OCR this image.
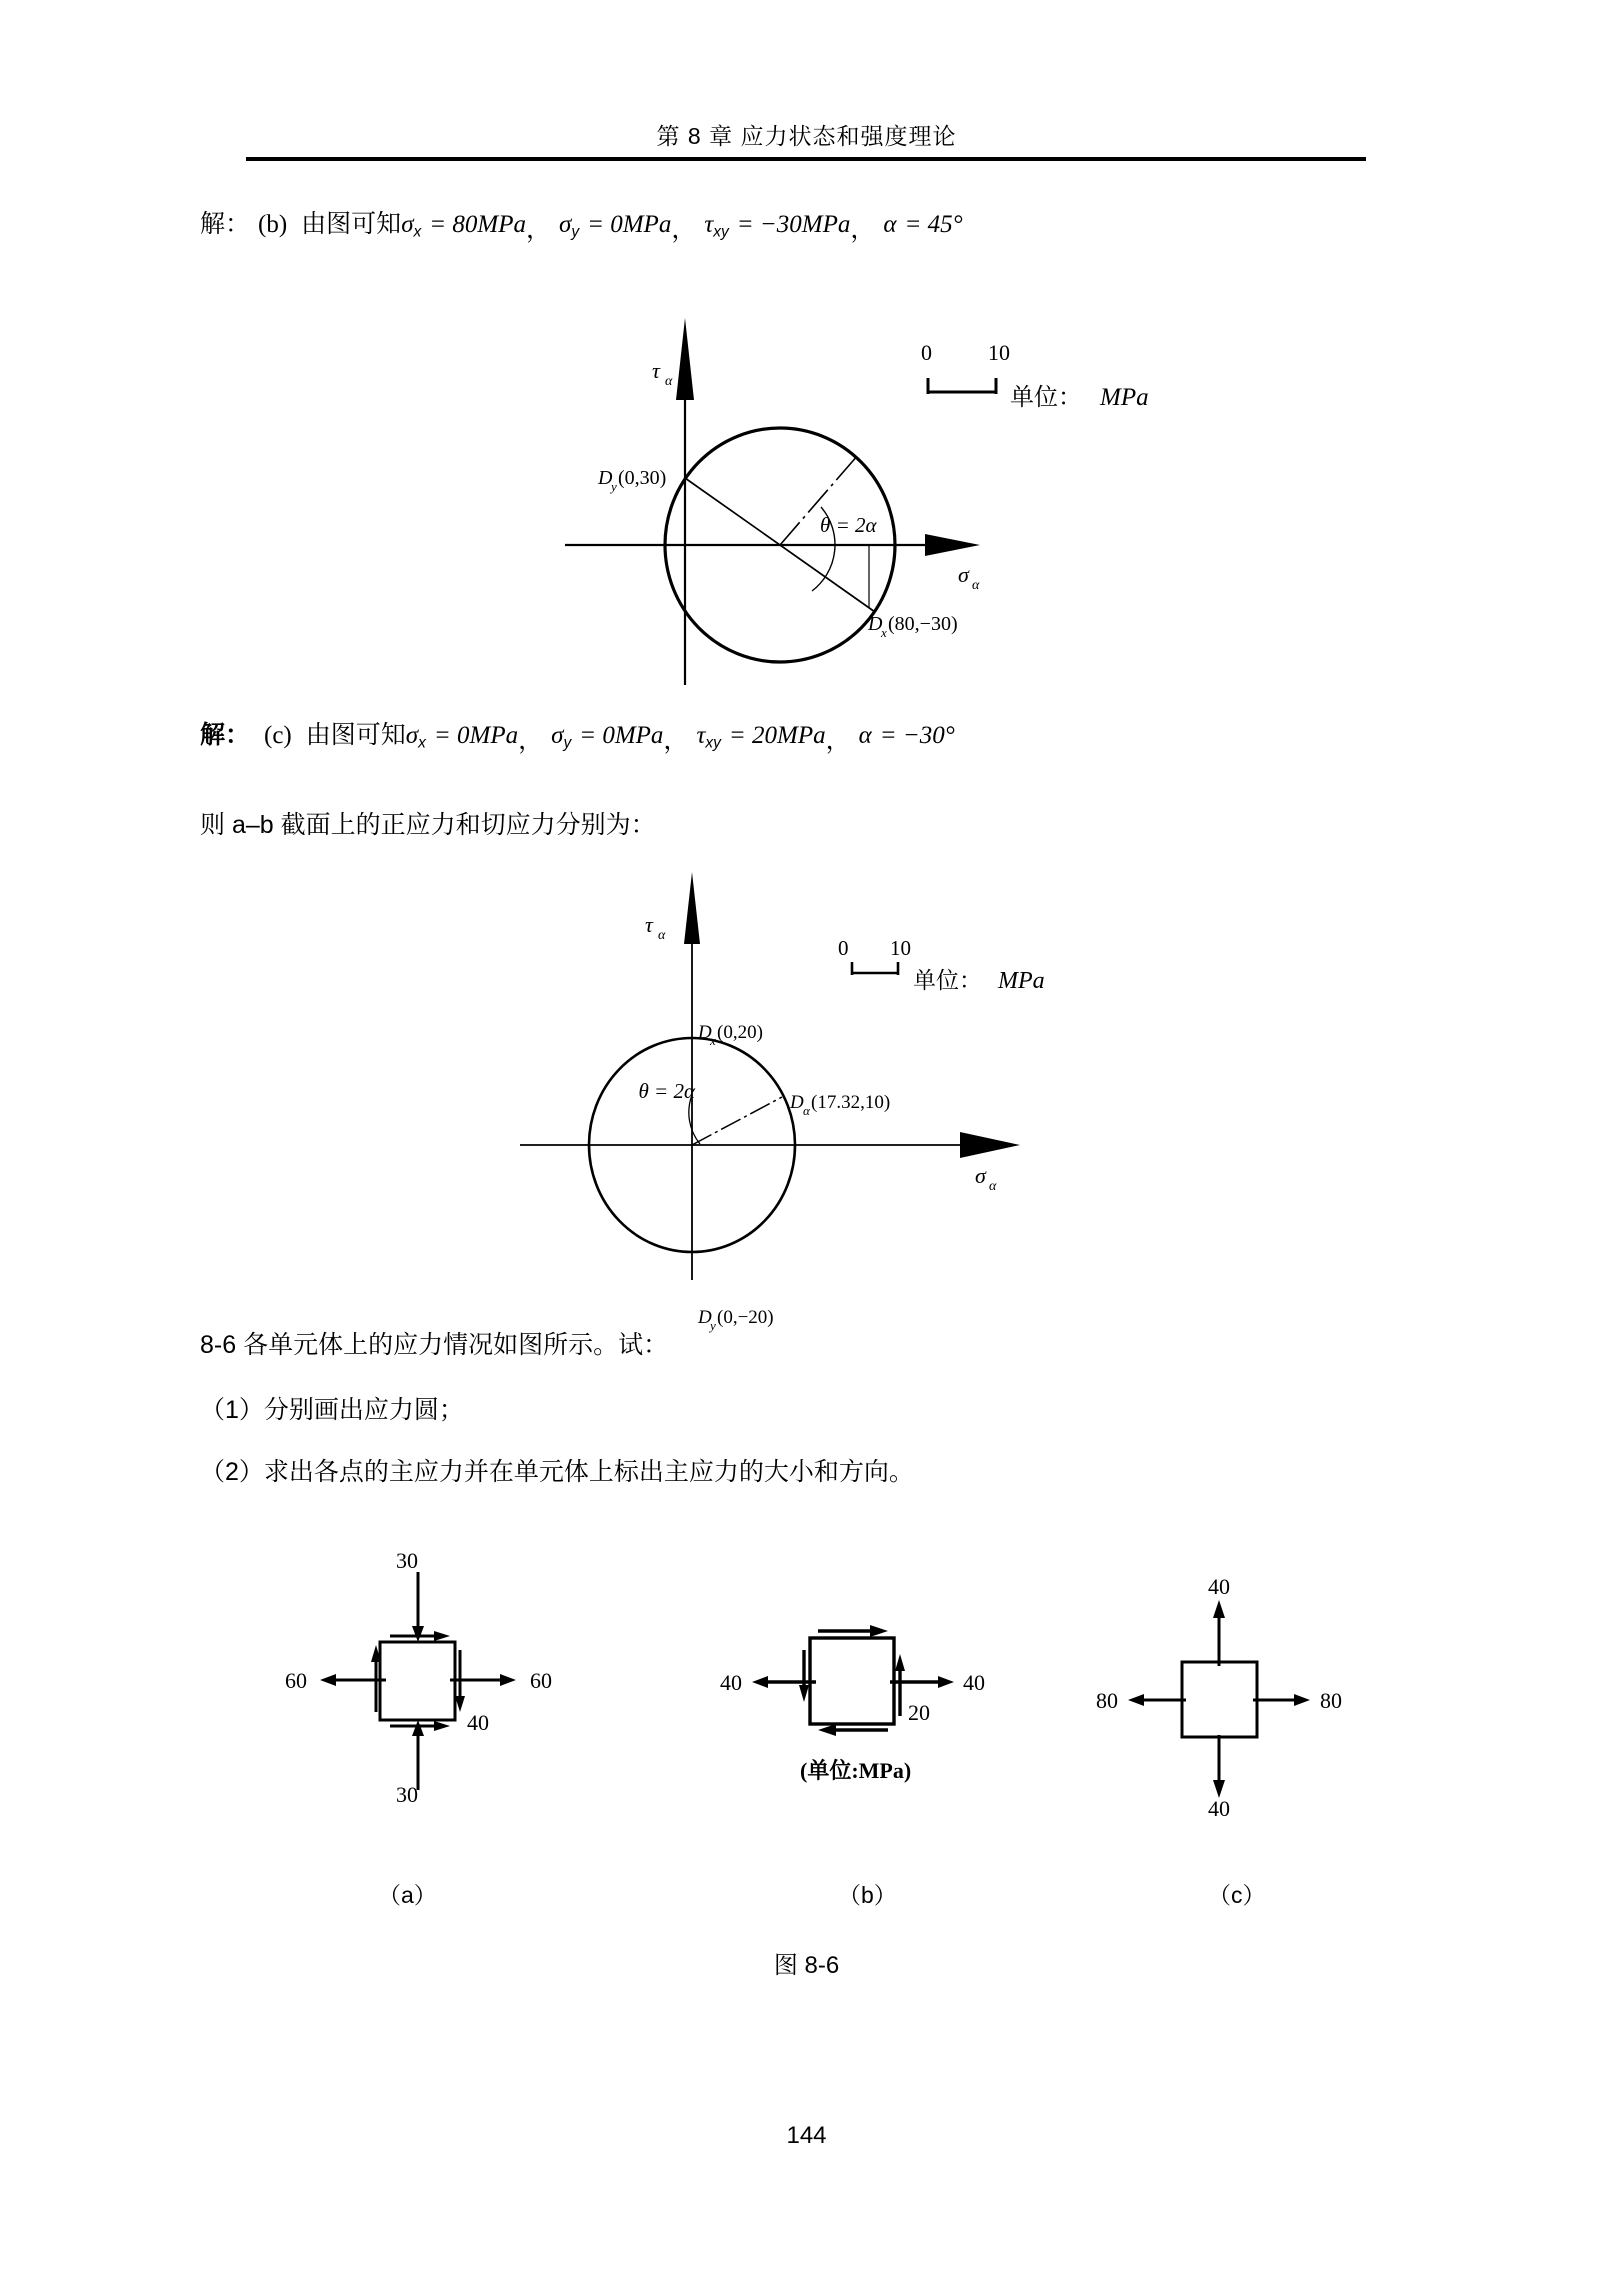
第 8 章 应力状态和强度理论
解： (b) 由图可知$\sigma_x = 80MPa$， $\sigma_y = 0MPa$， $\tau_{xy} = -30MPa$， α = 45°
τ α
σ α
θ = 2α
D
y (0,30)
D
x (80,−30)
0	10
单位： MPa
解： (c) 由图可知$\sigma_x = 0MPa$， $\sigma_y = 0MPa$， $\tau_{xy} = 20MPa$， α = −30°
则 a–b 截面上的正应力和切应力分别为：
τ α
σ α
θ = 2α
D
x (0,20)
D
y (0,−20)
D α (17.32,10)
0 10
单位： MPa
8-6 各单元体上的应力情况如图所示。试：
（1）分别画出应力圆；
（2）求出各点的主应力并在单元体上标出主应力的大小和方向。
30
30
60	60
40	20
40	40
(单位:MPa)
40
40
80	80
（a）	（b）	（c）
图 8-6
144
